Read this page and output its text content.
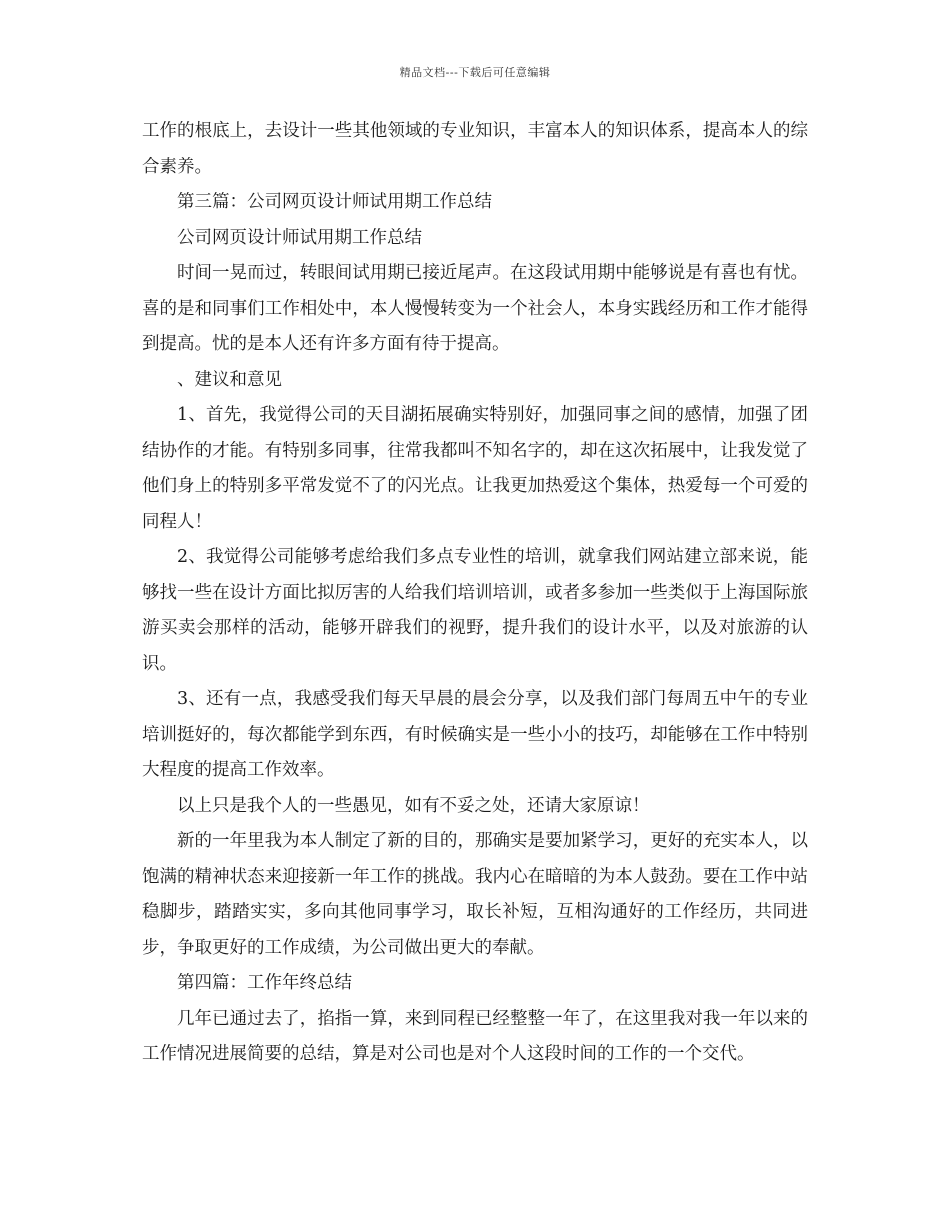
精品文档---下载后可任意编辑

工作的根底上，去设计一些其他领域的专业知识，丰富本人的知识体系，提高本人的综合素养。

第三篇：公司网页设计师试用期工作总结

公司网页设计师试用期工作总结

时间一晃而过，转眼间试用期已接近尾声。在这段试用期中能够说是有喜也有忧。喜的是和同事们工作相处中，本人慢慢转变为一个社会人，本身实践经历和工作才能得到提高。忧的是本人还有许多方面有待于提高。

、建议和意见

1、首先，我觉得公司的天目湖拓展确实特别好，加强同事之间的感情，加强了团结协作的才能。有特别多同事，往常我都叫不知名字的，却在这次拓展中，让我发觉了他们身上的特别多平常发觉不了的闪光点。让我更加热爱这个集体，热爱每一个可爱的同程人！

2、我觉得公司能够考虑给我们多点专业性的培训，就拿我们网站建立部来说，能够找一些在设计方面比拟厉害的人给我们培训培训，或者多参加一些类似于上海国际旅游买卖会那样的活动，能够开辟我们的视野，提升我们的设计水平，以及对旅游的认识。

3、还有一点，我感受我们每天早晨的晨会分享，以及我们部门每周五中午的专业培训挺好的，每次都能学到东西，有时候确实是一些小小的技巧，却能够在工作中特别大程度的提高工作效率。

以上只是我个人的一些愚见，如有不妥之处，还请大家原谅！

新的一年里我为本人制定了新的目的，那确实是要加紧学习，更好的充实本人，以饱满的精神状态来迎接新一年工作的挑战。我内心在暗暗的为本人鼓劲。要在工作中站稳脚步，踏踏实实，多向其他同事学习，取长补短，互相沟通好的工作经历，共同进步，争取更好的工作成绩，为公司做出更大的奉献。

第四篇：工作年终总结

几年已通过去了，掐指一算，来到同程已经整整一年了，在这里我对我一年以来的工作情况进展简要的总结，算是对公司也是对个人这段时间的工作的一个交代。
